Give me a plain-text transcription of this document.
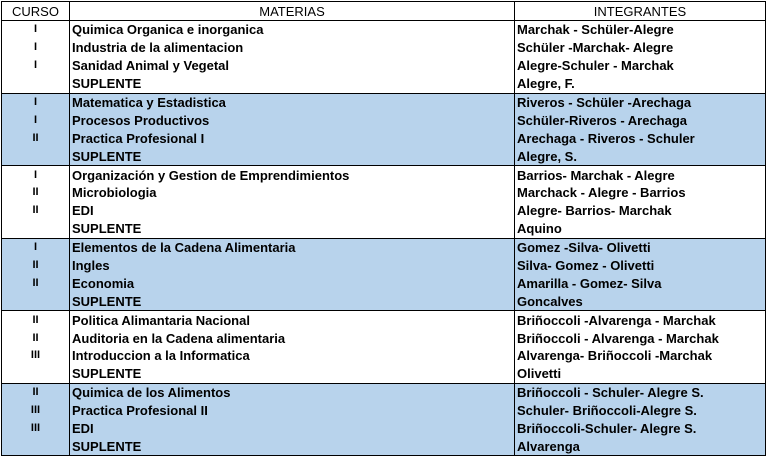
CURSO	MATERIAS	INTEGRANTES
I	Quimica Organica e inorganica	Marchak - Schüler-Alegre
I	Industria de la alimentacion	Schüler -Marchak- Alegre
I	Sanidad Animal y Vegetal	Alegre-Schuler - Marchak
	SUPLENTE	Alegre, F.
I	Matematica y Estadistica	Riveros - Schüler -Arechaga
I	Procesos Productivos	Schüler-Riveros - Arechaga
II	Practica Profesional I	Arechaga - Riveros - Schuler
	SUPLENTE	Alegre, S.
I	Organización y Gestion de Emprendimientos	Barrios- Marchak - Alegre
II	Microbiologia	Marchack - Alegre - Barrios
II	EDI	Alegre- Barrios- Marchak
	SUPLENTE	Aquino
I	Elementos de la Cadena Alimentaria	Gomez -Silva- Olivetti
II	Ingles	Silva- Gomez - Olivetti
II	Economia	Amarilla - Gomez- Silva
	SUPLENTE	Goncalves
II	Politica Alimantaria Nacional	Briñoccoli -Alvarenga - Marchak
II	Auditoria en la Cadena alimentaria	Briñoccoli - Alvarenga - Marchak
III	Introduccion a la Informatica	Alvarenga- Briñoccoli -Marchak
	SUPLENTE	Olivetti
II	Quimica de los Alimentos	Briñoccoli - Schuler- Alegre S.
III	Practica Profesional II	Schuler- Briñoccoli-Alegre S.
III	EDI	Briñoccoli-Schuler- Alegre S.
	SUPLENTE	Alvarenga
